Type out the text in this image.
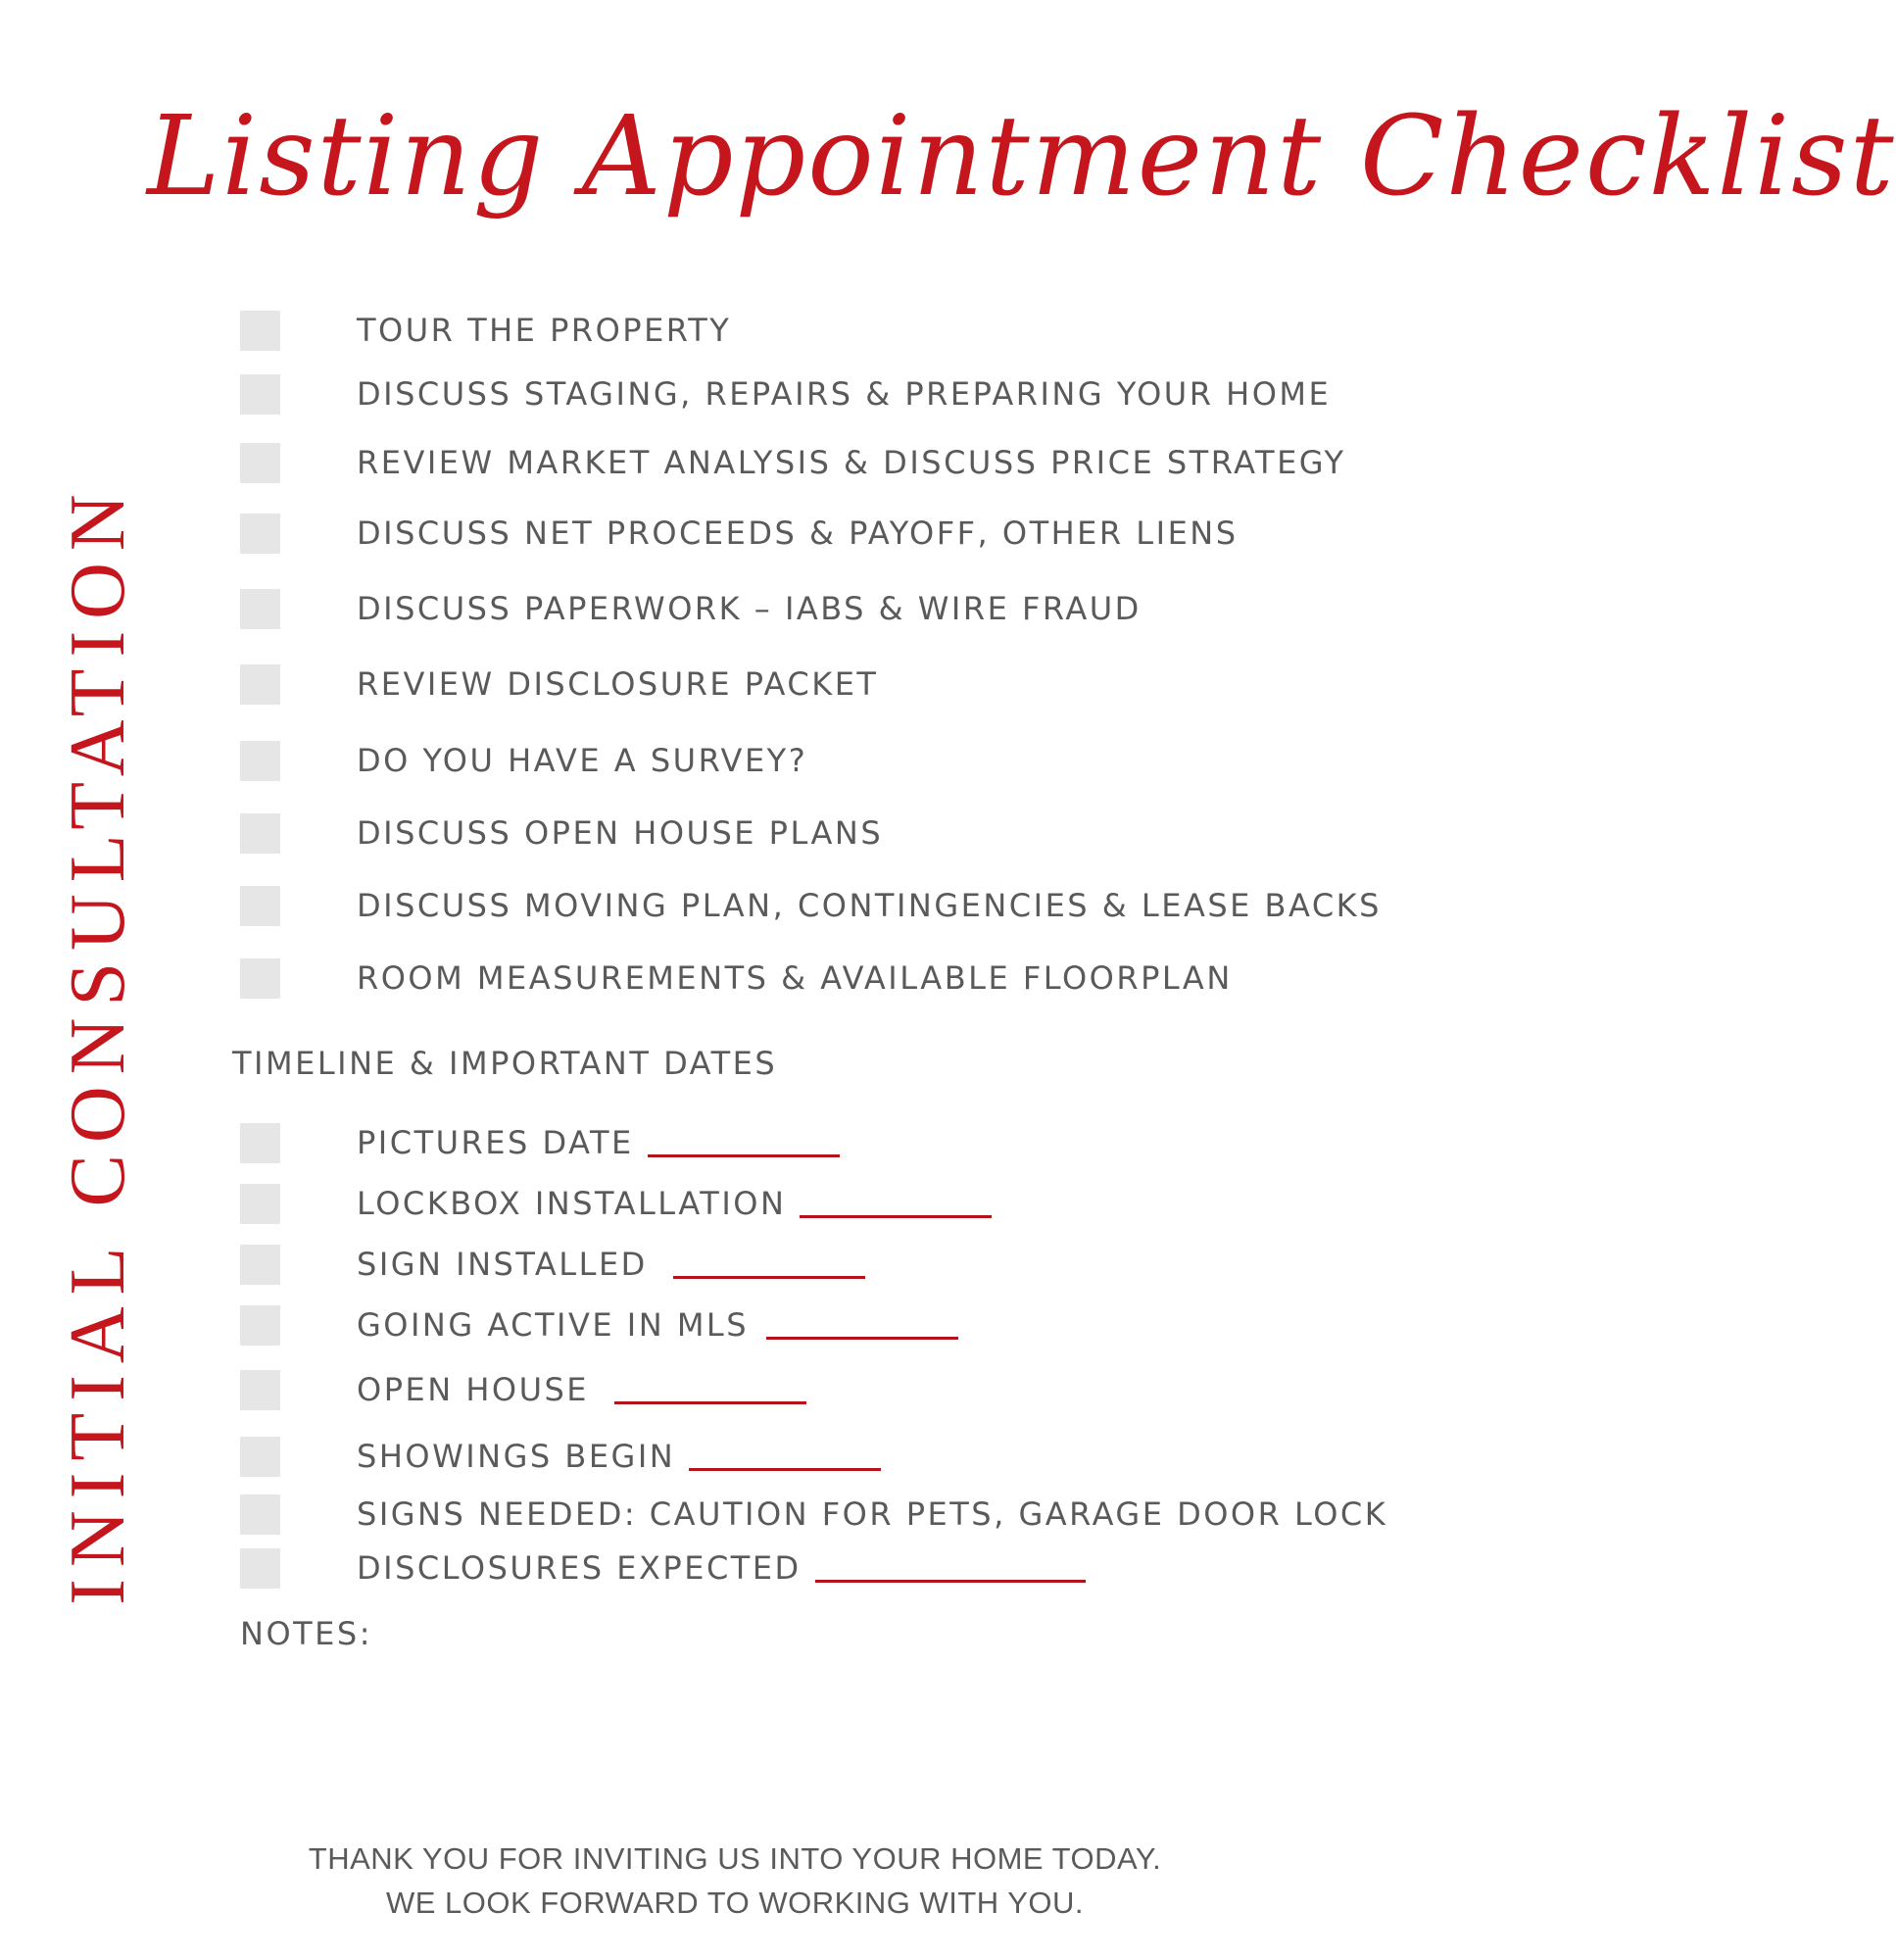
Listing Appointment Checklist
INITIAL CONSULTATION
TOUR THE PROPERTY
DISCUSS STAGING, REPAIRS & PREPARING YOUR HOME
REVIEW MARKET ANALYSIS & DISCUSS PRICE STRATEGY
DISCUSS NET PROCEEDS & PAYOFF, OTHER LIENS
DISCUSS PAPERWORK – IABS & WIRE FRAUD
REVIEW DISCLOSURE PACKET
DO YOU HAVE A SURVEY?
DISCUSS OPEN HOUSE PLANS
DISCUSS MOVING PLAN, CONTINGENCIES & LEASE BACKS
ROOM MEASUREMENTS & AVAILABLE FLOORPLAN
TIMELINE & IMPORTANT DATES
PICTURES DATE
LOCKBOX INSTALLATION
SIGN INSTALLED
GOING ACTIVE IN MLS
OPEN HOUSE
SHOWINGS BEGIN
SIGNS NEEDED: CAUTION FOR PETS, GARAGE DOOR LOCK
DISCLOSURES EXPECTED
NOTES:
THANK YOU FOR INVITING US INTO YOUR HOME TODAY.
WE LOOK FORWARD TO WORKING WITH YOU.
